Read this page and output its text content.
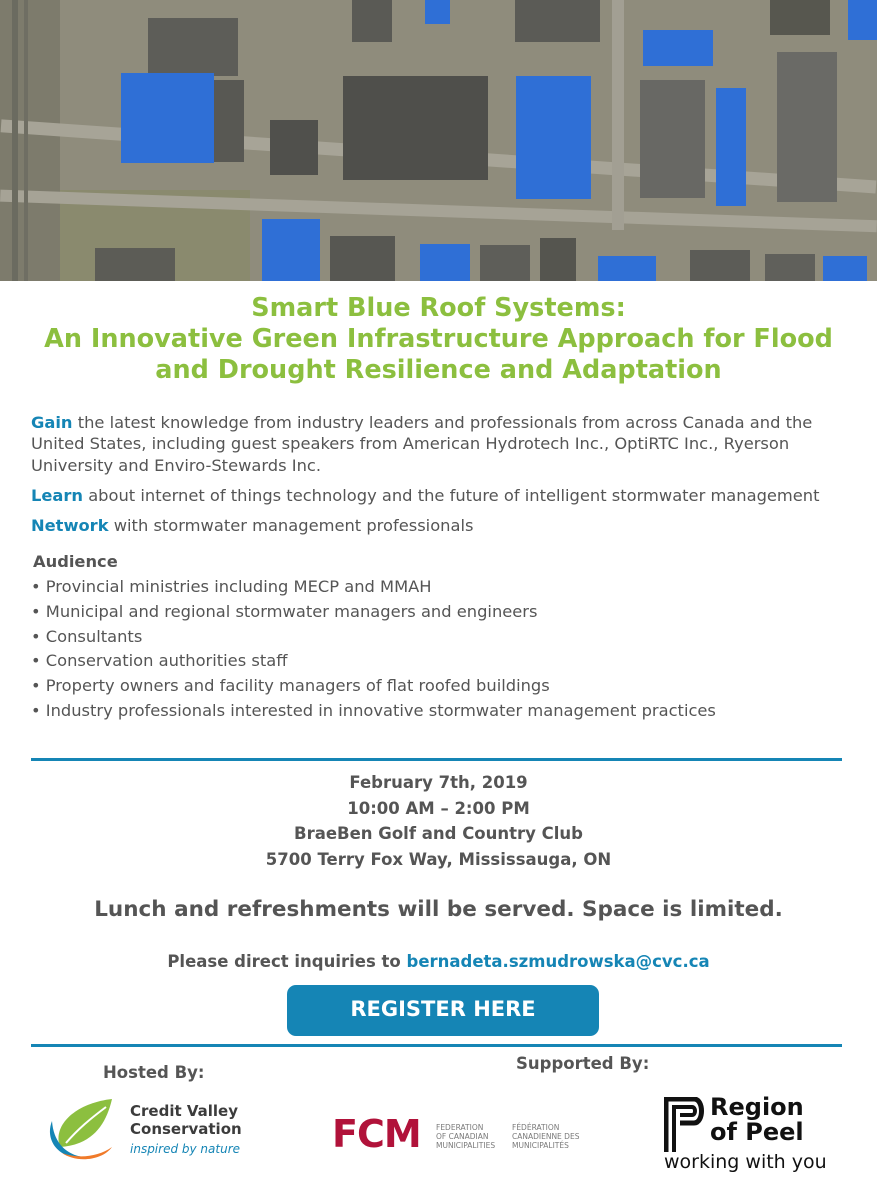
Smart Blue Roof Systems:
An Innovative Green Infrastructure Approach for Flood
and Drought Resilience and Adaptation

Gain the latest knowledge from industry leaders and professionals from across Canada and the United States, including guest speakers from American Hydrotech Inc., OptiRTC Inc., Ryerson University and Enviro-Stewards Inc.

Learn about internet of things technology and the future of intelligent stormwater management

Network with stormwater management professionals

Audience
• Provincial ministries including MECP and MMAH
• Municipal and regional stormwater managers and engineers
• Consultants
• Conservation authorities staff
• Property owners and facility managers of flat roofed buildings
• Industry professionals interested in innovative stormwater management practices
February 7th, 2019
10:00 AM – 2:00 PM
BraeBen Golf and Country Club
5700 Terry Fox Way, Mississauga, ON
Lunch and refreshments will be served. Space is limited.
Please direct inquiries to bernadeta.szmudrowska@cvc.ca
REGISTER HERE
Hosted By:	Supported By:
Credit Valley
Conservation
inspired by nature FCM FEDERATION
OF CANADIAN
MUNICIPALITIES
FÉDÉRATION
CANADIENNE DES
MUNICIPALITÉS
Region
of Peel
working with you
